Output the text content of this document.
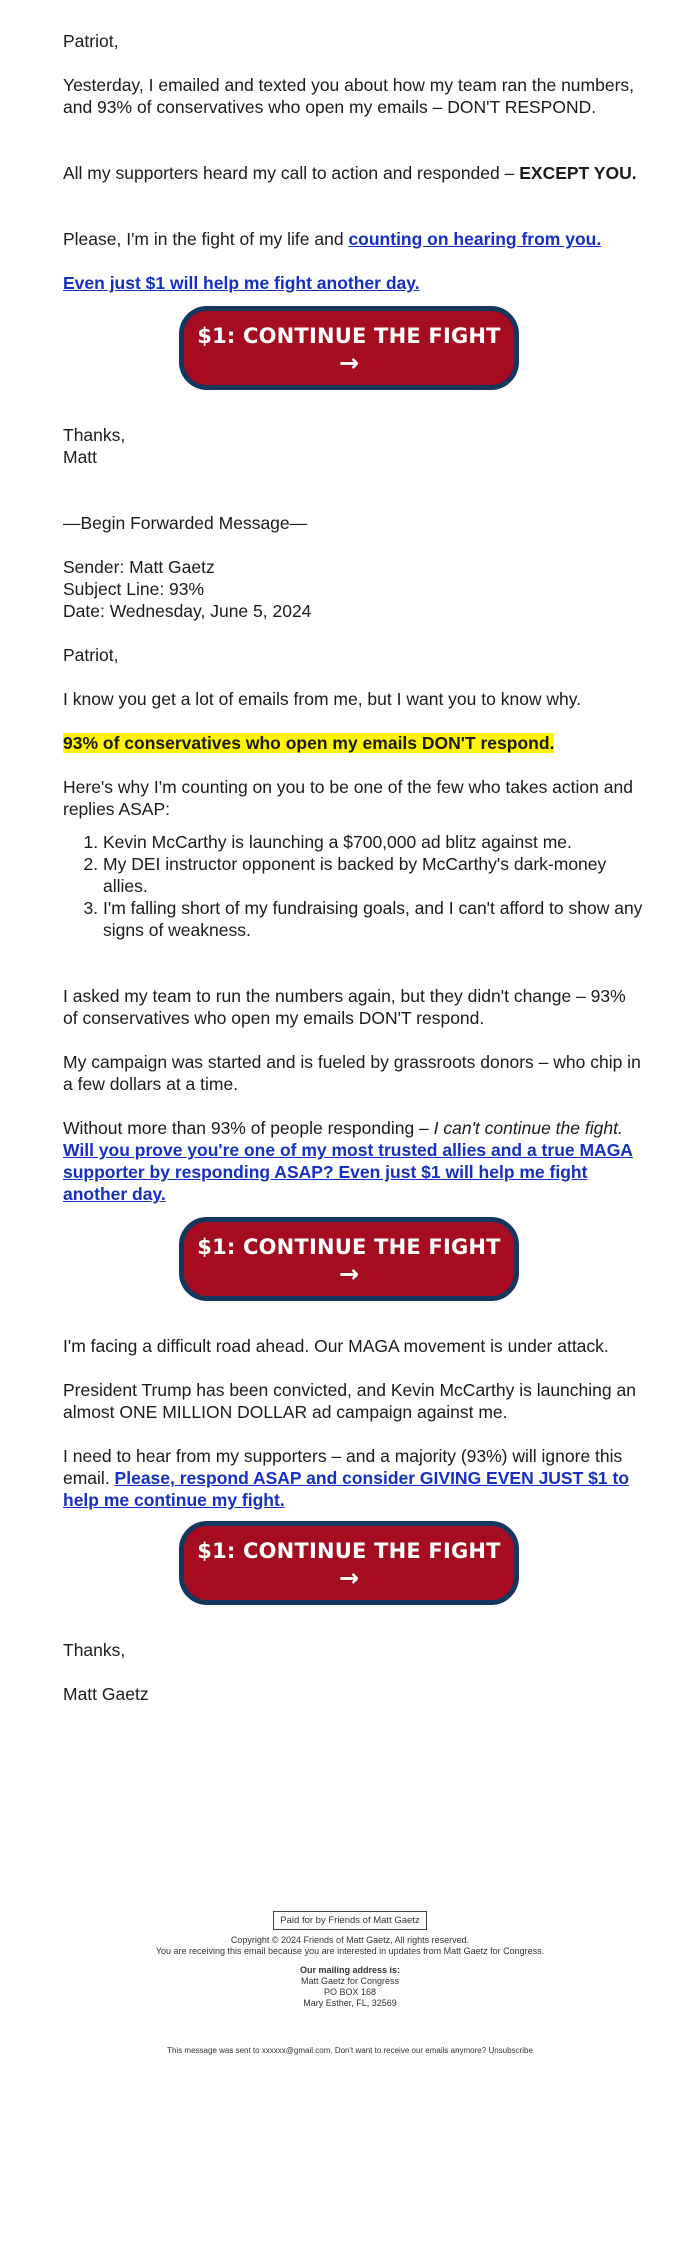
Patriot,
Yesterday, I emailed and texted you about how my team ran the numbers, and 93% of conservatives who open my emails – DON'T RESPOND.
All my supporters heard my call to action and responded – EXCEPT YOU.
Please, I'm in the fight of my life and counting on hearing from you.
Even just $1 will help me fight another day.
$1: CONTINUE THE FIGHT
→
Thanks,
Matt
—Begin Forwarded Message—
Sender: Matt Gaetz
Subject Line: 93%
Date: Wednesday, June 5, 2024
Patriot,
I know you get a lot of emails from me, but I want you to know why.
93% of conservatives who open my emails DON'T respond.
Here's why I'm counting on you to be one of the few who takes action and replies ASAP:
1. Kevin McCarthy is launching a $700,000 ad blitz against me.
2. My DEI instructor opponent is backed by McCarthy's dark-money allies.
3. I'm falling short of my fundraising goals, and I can't afford to show any signs of weakness.
I asked my team to run the numbers again, but they didn't change – 93% of conservatives who open my emails DON'T respond.
My campaign was started and is fueled by grassroots donors – who chip in a few dollars at a time.
Without more than 93% of people responding – I can't continue the fight. Will you prove you're one of my most trusted allies and a true MAGA supporter by responding ASAP? Even just $1 will help me fight another day.
$1: CONTINUE THE FIGHT
→
I'm facing a difficult road ahead. Our MAGA movement is under attack.
President Trump has been convicted, and Kevin McCarthy is launching an almost ONE MILLION DOLLAR ad campaign against me.
I need to hear from my supporters – and a majority (93%) will ignore this email. Please, respond ASAP and consider GIVING EVEN JUST $1 to help me continue my fight.
$1: CONTINUE THE FIGHT
→
Thanks,
Matt Gaetz
Paid for by Friends of Matt Gaetz
Copyright © 2024 Friends of Matt Gaetz, All rights reserved.
You are receiving this email because you are interested in updates from Matt Gaetz for Congress.
Our mailing address is:
Matt Gaetz for Congress
PO BOX 168
Mary Esther, FL, 32569
This message was sent to xxxxxx@gmail.com. Don't want to receive our emails anymore? Unsubscribe
